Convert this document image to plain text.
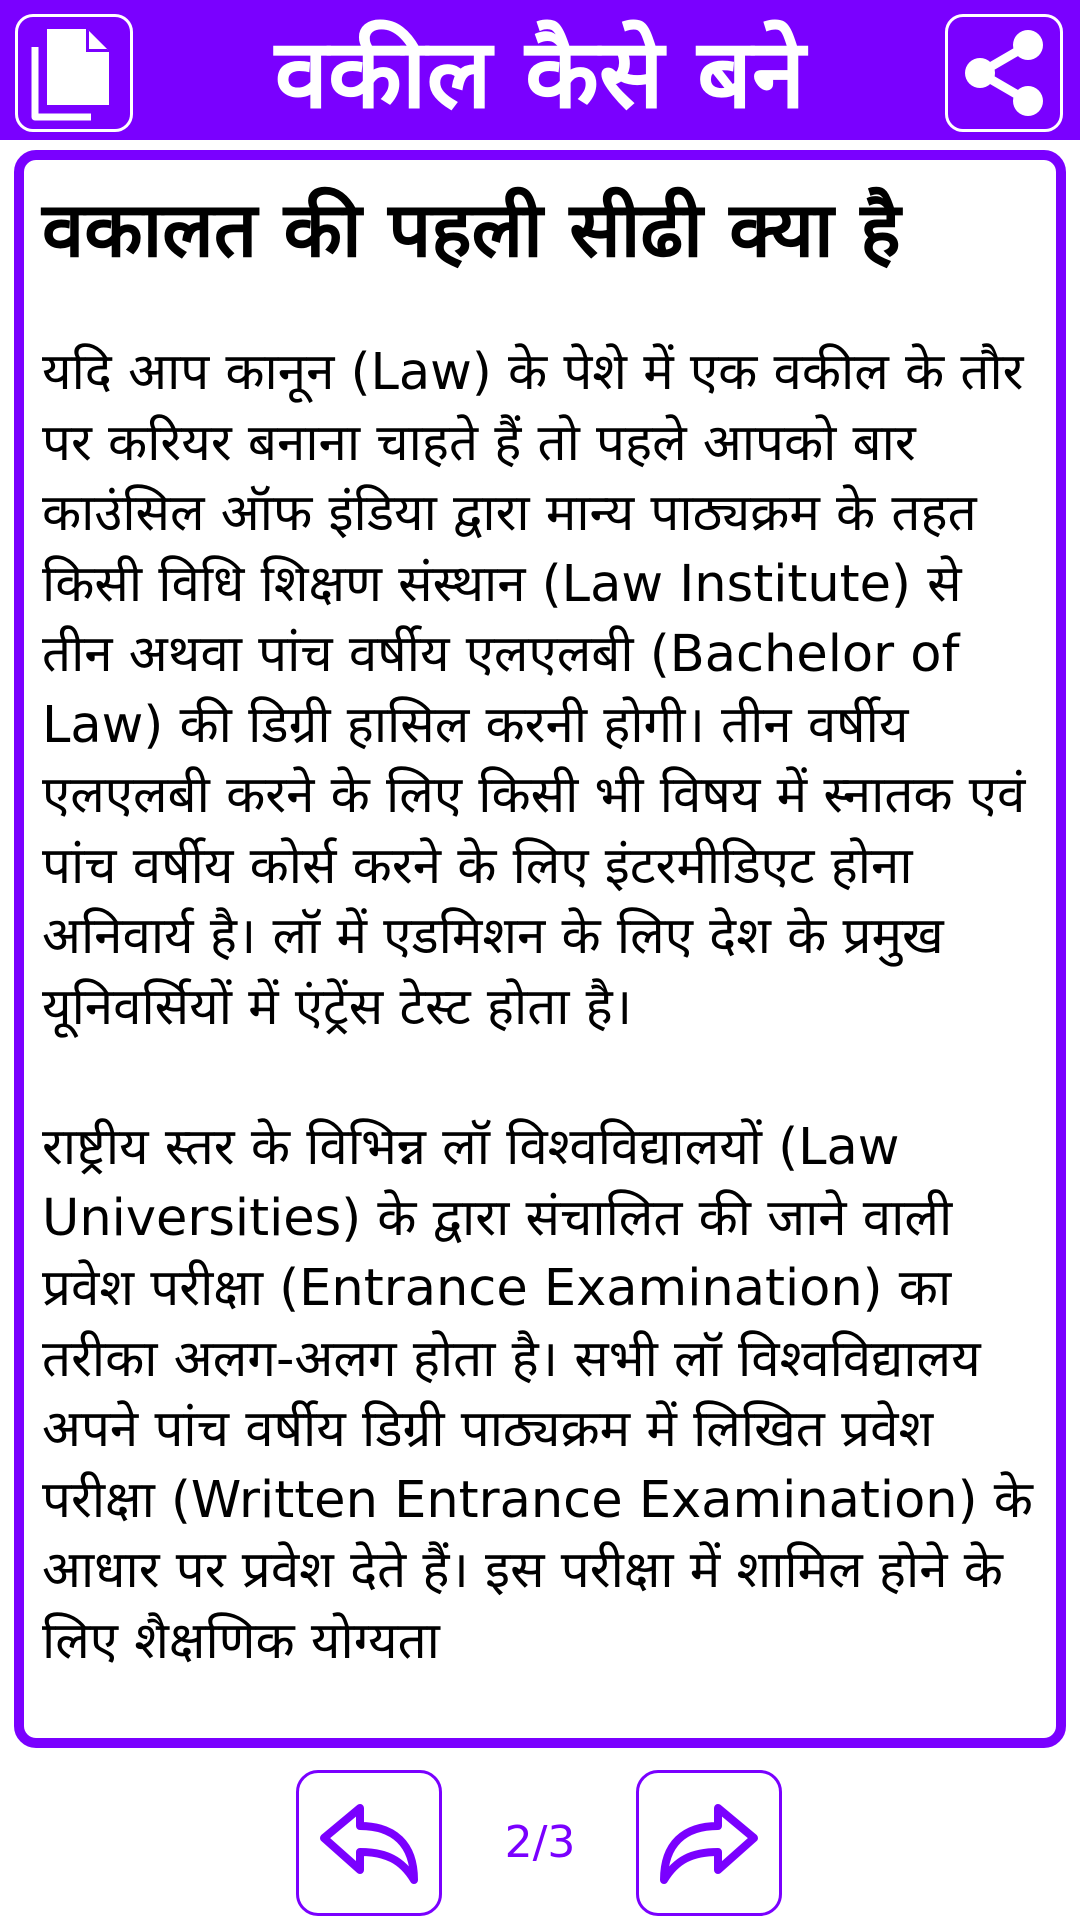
वकील कैसे बने
वकालत की पहली सीढी क्या है

यदि आप कानून (Law) के पेशे में एक वकील के तौर पर करियर बनाना चाहते हैं तो पहले आपको बार काउंसिल ऑफ इंडिया द्वारा मान्य पाठ्यक्रम के तहत किसी विधि शिक्षण संस्थान (Law Institute) से तीन अथवा पांच वर्षीय एलएलबी (Bachelor of Law) की डिग्री हासिल करनी होगी। तीन वर्षीय एलएलबी करने के लिए किसी भी विषय में स्नातक एवं पांच वर्षीय कोर्स करने के लिए इंटरमीडिएट होना अनिवार्य है। लॉ में एडमिशन के लिए देश के प्रमुख यूनिवर्सियों में एंट्रेंस टेस्ट होता है।

राष्ट्रीय स्तर के विभिन्न लॉ विश्वविद्यालयों (Law Universities) के द्वारा संचालित की जाने वाली प्रवेश परीक्षा (Entrance Examination) का तरीका अलग-अलग होता है। सभी लॉ विश्वविद्यालय अपने पांच वर्षीय डिग्री पाठ्यक्रम में लिखित प्रवेश परीक्षा (Written Entrance Examination) के आधार पर प्रवेश देते हैं। इस परीक्षा में शामिल होने के लिए शैक्षणिक योग्यता

2/3
